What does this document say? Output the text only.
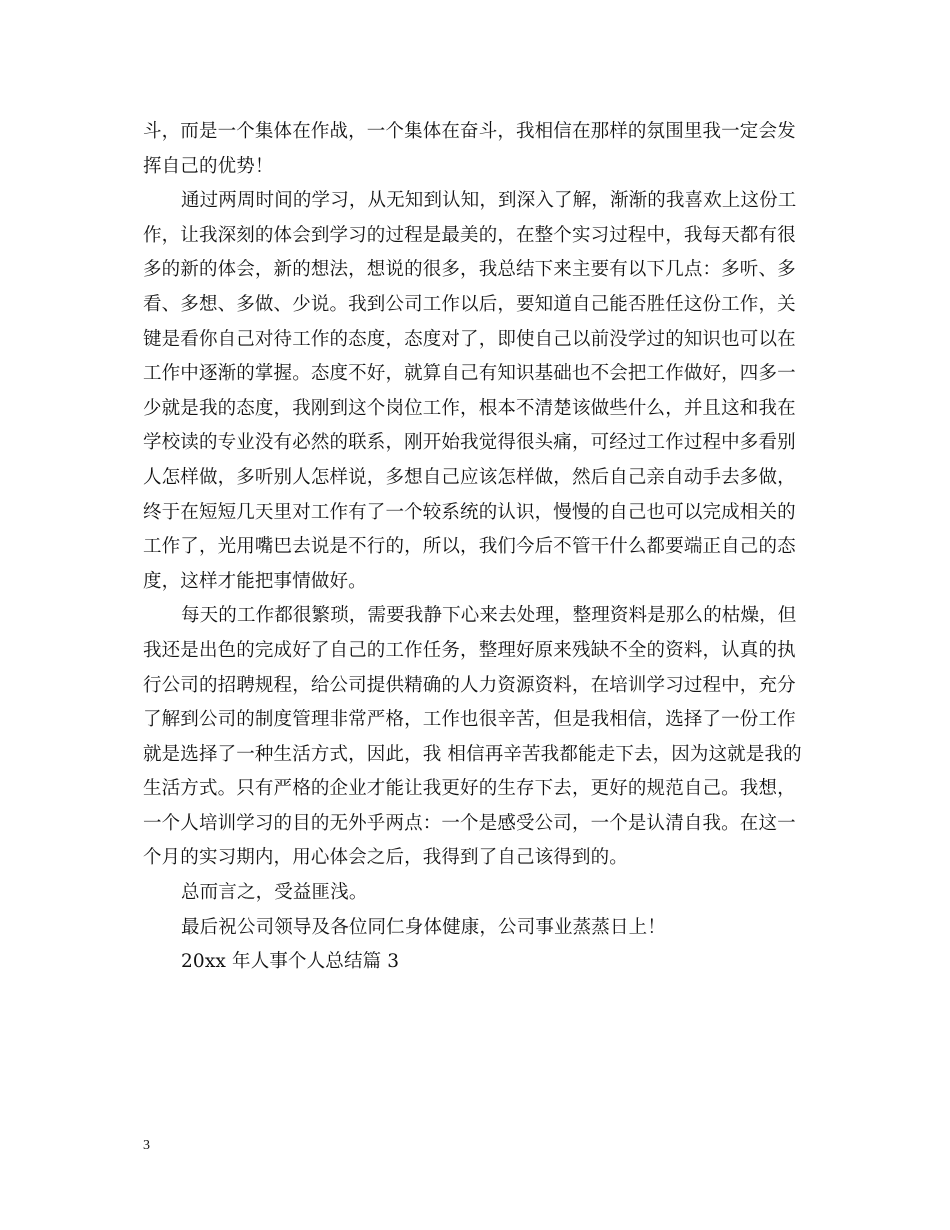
斗，而是一个集体在作战，一个集体在奋斗，我相信在那样的氛围里我一定会发
挥自己的优势！
通过两周时间的学习，从无知到认知，到深入了解，渐渐的我喜欢上这份工
作，让我深刻的体会到学习的过程是最美的，在整个实习过程中，我每天都有很
多的新的体会，新的想法，想说的很多，我总结下来主要有以下几点：多听、多
看、多想、多做、少说。我到公司工作以后，要知道自己能否胜任这份工作，关
键是看你自己对待工作的态度，态度对了，即使自己以前没学过的知识也可以在
工作中逐渐的掌握。态度不好，就算自己有知识基础也不会把工作做好，四多一
少就是我的态度，我刚到这个岗位工作，根本不清楚该做些什么，并且这和我在
学校读的专业没有必然的联系，刚开始我觉得很头痛，可经过工作过程中多看别
人怎样做，多听别人怎样说，多想自己应该怎样做，然后自己亲自动手去多做，
终于在短短几天里对工作有了一个较系统的认识，慢慢的自己也可以完成相关的
工作了，光用嘴巴去说是不行的，所以，我们今后不管干什么都要端正自己的态
度，这样才能把事情做好。
每天的工作都很繁琐，需要我静下心来去处理，整理资料是那么的枯燥，但
我还是出色的完成好了自己的工作任务，整理好原来残缺不全的资料，认真的执
行公司的招聘规程，给公司提供精确的人力资源资料，在培训学习过程中，充分
了解到公司的制度管理非常严格，工作也很辛苦，但是我相信，选择了一份工作
就是选择了一种生活方式，因此，我 相信再辛苦我都能走下去，因为这就是我的
生活方式。只有严格的企业才能让我更好的生存下去，更好的规范自己。我想，
一个人培训学习的目的无外乎两点：一个是感受公司，一个是认清自我。在这一
个月的实习期内，用心体会之后，我得到了自己该得到的。
总而言之，受益匪浅。
最后祝公司领导及各位同仁身体健康，公司事业蒸蒸日上！
20xx 年人事个人总结篇 3
3
